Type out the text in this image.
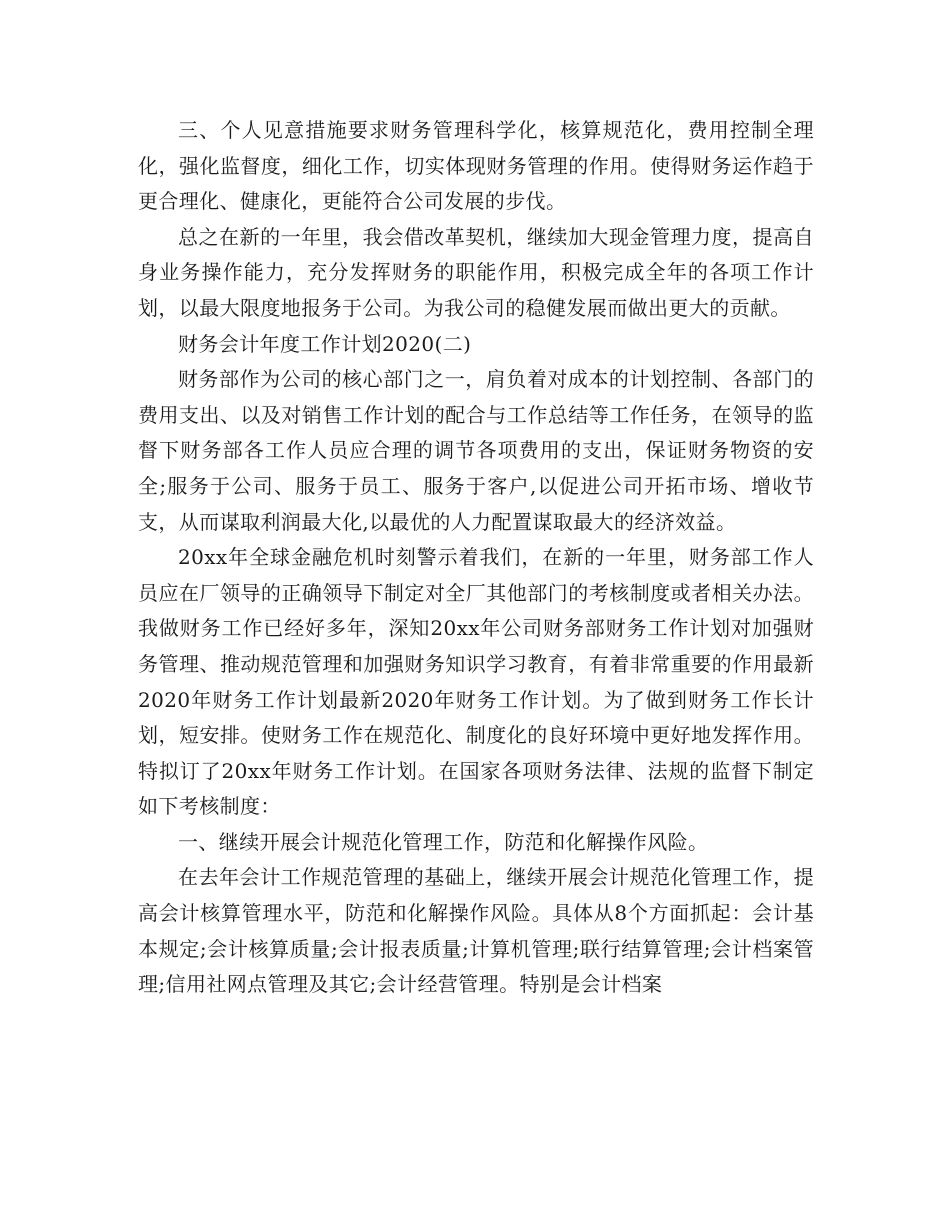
三、个人见意措施要求财务管理科学化，核算规范化，费用控制全理化，强化监督度，细化工作，切实体现财务管理的作用。使得财务运作趋于更合理化、健康化，更能符合公司发展的步伐。

总之在新的一年里，我会借改革契机，继续加大现金管理力度，提高自身业务操作能力，充分发挥财务的职能作用，积极完成全年的各项工作计划，以最大限度地报务于公司。为我公司的稳健发展而做出更大的贡献。

财务会计年度工作计划2020(二)

财务部作为公司的核心部门之一，肩负着对成本的计划控制、各部门的费用支出、以及对销售工作计划的配合与工作总结等工作任务，在领导的监督下财务部各工作人员应合理的调节各项费用的支出，保证财务物资的安全;服务于公司、服务于员工、服务于客户,以促进公司开拓市场、增收节支，从而谋取利润最大化,以最优的人力配置谋取最大的经济效益。

20xx年全球金融危机时刻警示着我们，在新的一年里，财务部工作人员应在厂领导的正确领导下制定对全厂其他部门的考核制度或者相关办法。我做财务工作已经好多年，深知20xx年公司财务部财务工作计划对加强财务管理、推动规范管理和加强财务知识学习教育，有着非常重要的作用最新2020年财务工作计划最新2020年财务工作计划。为了做到财务工作长计划，短安排。使财务工作在规范化、制度化的良好环境中更好地发挥作用。特拟订了20xx年财务工作计划。在国家各项财务法律、法规的监督下制定如下考核制度：

一、继续开展会计规范化管理工作，防范和化解操作风险。

在去年会计工作规范管理的基础上，继续开展会计规范化管理工作，提高会计核算管理水平，防范和化解操作风险。具体从8个方面抓起：会计基本规定;会计核算质量;会计报表质量;计算机管理;联行结算管理;会计档案管理;信用社网点管理及其它;会计经营管理。特别是会计档案
